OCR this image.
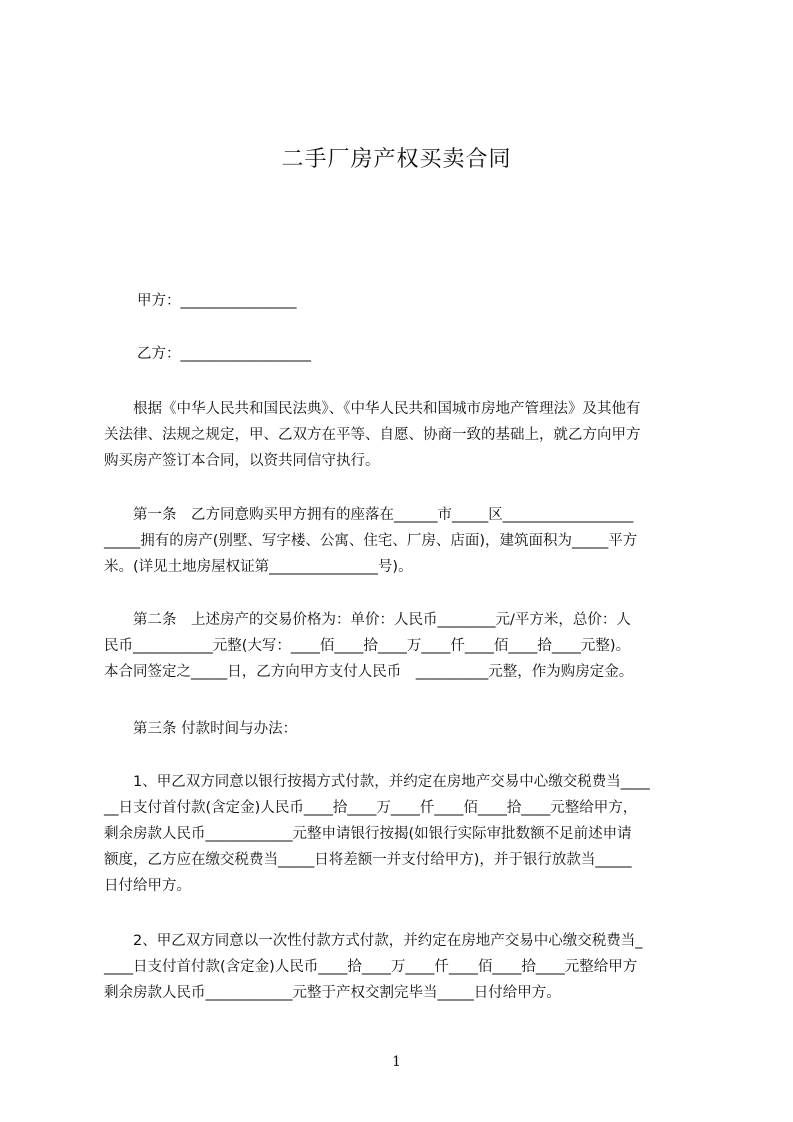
二手厂房产权买卖合同
甲方：________________
乙方：__________________
　　根据《中华人民共和国民法典》、《中华人民共和国城市房地产管理法》及其他有
关法律、法规之规定，甲、乙双方在平等、自愿、协商一致的基础上，就乙方向甲方
购买房产签订本合同，以资共同信守执行。
　　第一条　乙方同意购买甲方拥有的座落在______市_____区__________________
_____拥有的房产(别墅、写字楼、公寓、住宅、厂房、店面)，建筑面积为_____平方
米。(详见土地房屋权证第_______________号)。
　　第二条　上述房产的交易价格为：单价：人民币________元/平方米，总价：人
民币___________元整(大写：____佰____拾____万____仟____佰____拾____元整)。
本合同签定之_____日，乙方向甲方支付人民币　__________元整，作为购房定金。
　　第三条 付款时间与办法：
　　1、甲乙双方同意以银行按揭方式付款，并约定在房地产交易中心缴交税费当____
__日支付首付款(含定金)人民币____拾____万____仟____佰____拾____元整给甲方，
剩余房款人民币____________元整申请银行按揭(如银行实际审批数额不足前述申请
额度，乙方应在缴交税费当_____日将差额一并支付给甲方)，并于银行放款当_____
日付给甲方。
　　2、甲乙双方同意以一次性付款方式付款，并约定在房地产交易中心缴交税费当_
____日支付首付款(含定金)人民币____拾____万____仟____佰____拾____元整给甲方
剩余房款人民币____________元整于产权交割完毕当_____日付给甲方。
1
